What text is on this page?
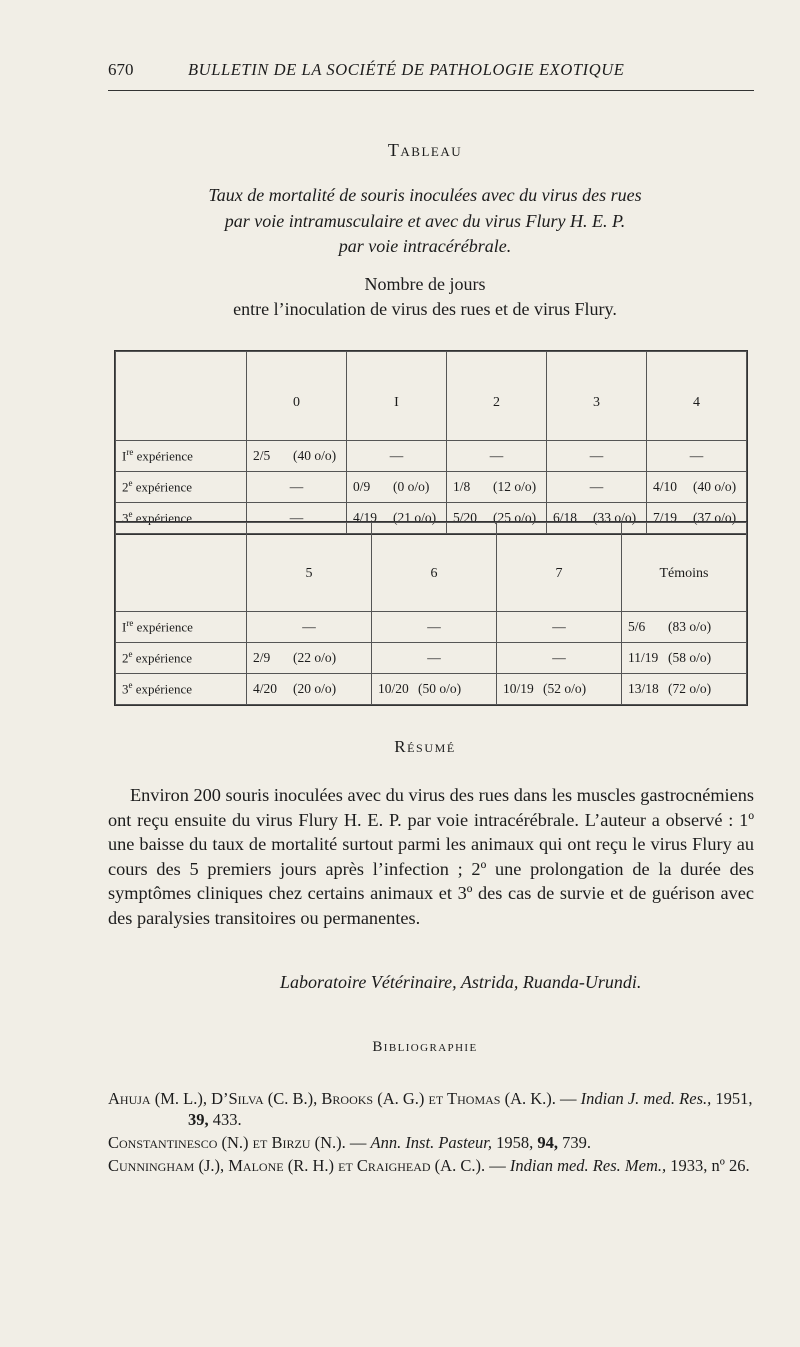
670	BULLETIN DE LA SOCIÉTÉ DE PATHOLOGIE EXOTIQUE
Tableau
Taux de mortalité de souris inoculées avec du virus des rues
par voie intramusculaire et avec du virus Flury H. E. P.
par voie intracérébrale.
Nombre de jours
entre l’inoculation de virus des rues et de virus Flury.
	0	I	2	3	4
Ire expérience	2/5 (40 o/o)	—	—	—	—
2e expérience	—	0/9 (0 o/o)	1/8 (12 o/o)	—	4/10 (40 o/o)
3e expérience	—	4/19 (21 o/o)	5/20 (25 o/o)	6/18 (33 o/o)	7/19 (37 o/o)
	5	6	7	Témoins
Ire expérience	—	—	—	5/6 (83 o/o)
2e expérience	2/9 (22 o/o)	—	—	11/19 (58 o/o)
3e expérience	4/20 (20 o/o)	10/20 (50 o/o)	10/19 (52 o/o)	13/18 (72 o/o)
Résumé
Environ 200 souris inoculées avec du virus des rues dans les muscles gastrocnémiens ont reçu ensuite du virus Flury H. E. P. par voie intracérébrale. L’auteur a observé : 1º une baisse du taux de mortalité surtout parmi les animaux qui ont reçu le virus Flury au cours des 5 premiers jours après l’infection ; 2º une prolongation de la durée des symptômes cliniques chez certains animaux et 3º des cas de survie et de guérison avec des paralysies transitoires ou permanentes.
Laboratoire Vétérinaire, Astrida, Ruanda-Urundi.
Bibliographie
Ahuja (M. L.), D’Silva (C. B.), Brooks (A. G.) et Thomas (A. K.). — Indian J. med. Res., 1951, 39, 433.
Constantinesco (N.) et Birzu (N.). — Ann. Inst. Pasteur, 1958, 94, 739.
Cunningham (J.), Malone (R. H.) et Craighead (A. C.). — Indian med. Res. Mem., 1933, nº 26.
